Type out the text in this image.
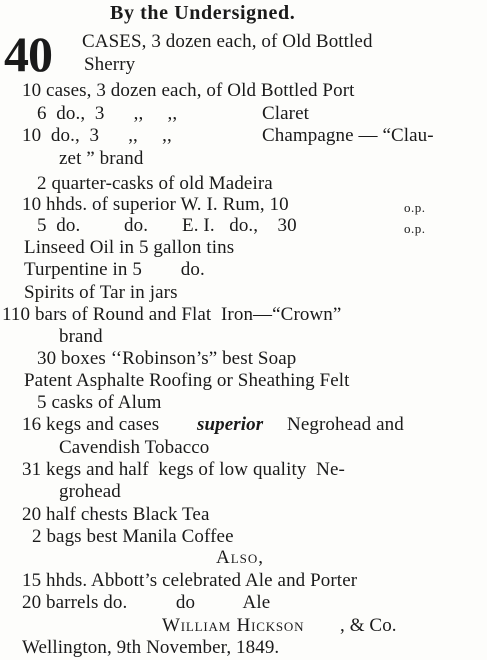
By the Undersigned.
40 CASES, 3 dozen each, of Old Bottled
Sherry
10 cases, 3 dozen each, of Old Bottled Port
6  do.,  3      ,,     ,,	Claret
10  do.,  3      ,,     ,,	Champagne — “Clau-
zet ” brand
2 quarter-casks of old Madeira
10 hhds. of superior W. I. Rum, 10	o.p.
5  do.         do.       E. I.   do.,    30	o.p.
Linseed Oil in 5 gallon tins
Turpentine in 5        do.
Spirits of Tar in jars
110 bars of Round and Flat  Iron—“Crown”
brand
30 boxes ‘‘Robinson’s” best Soap
Patent Asphalte Roofing or Sheathing Felt
5 casks of Alum
16 kegs and cases superior Negrohead and
Cavendish Tobacco
31 kegs and half  kegs of low quality  Ne-
grohead
20 half chests Black Tea
2 bags best Manila Coffee
Also,
15 hhds. Abbott’s celebrated Ale and Porter
20 barrels do.          do          Ale
William Hickson , & Co.
Wellington, 9th November, 1849.
